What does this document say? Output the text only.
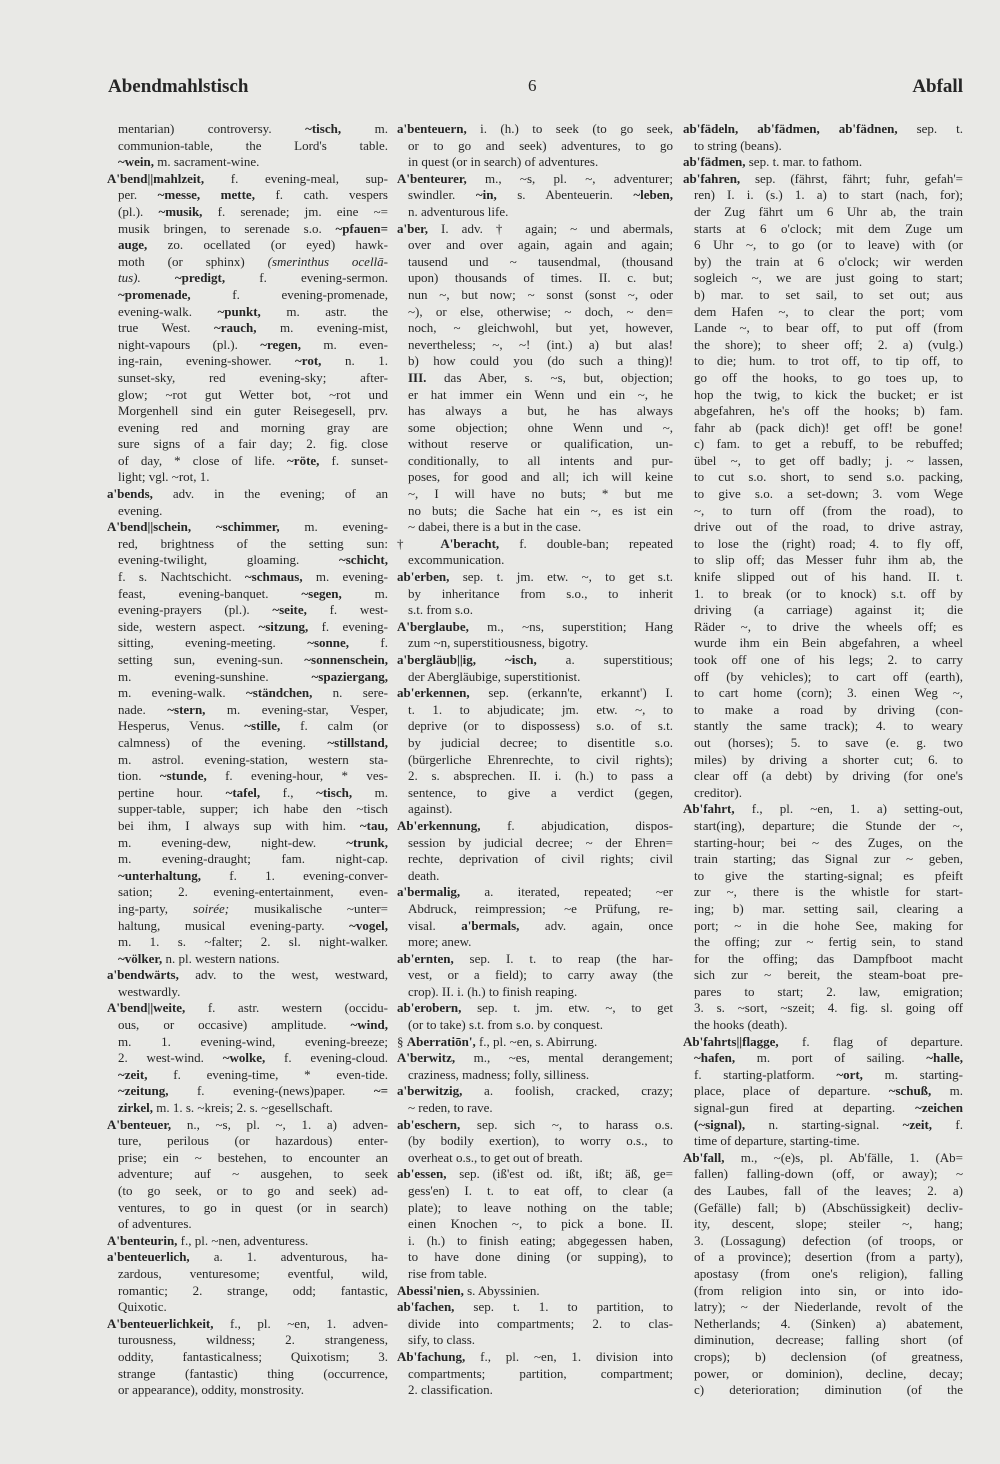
Abendmahlstisch	6	Abfall
mentarian) controversy. ~tisch, m.
communion-table, the Lord's table.
~wein, m. sacrament-wine.
A'bend||mahlzeit, f. evening-meal, sup-
per. ~messe, mette, f. cath. vespers
(pl.). ~musik, f. serenade; jm. eine ~=
musik bringen, to serenade s.o. ~pfauen=
auge, zo. ocellated (or eyed) hawk-
moth (or sphinx) (smerinthus ocellā-
tus).	~predigt, f. evening-sermon.
~promenade, f. evening-promenade,
evening-walk. ~punkt, m. astr. the
true West. ~rauch, m. evening-mist,
night-vapours (pl.). ~regen, m. even-
ing-rain, evening-shower. ~rot, n. 1.
sunset-sky, red evening-sky; after-
glow; ~rot gut Wetter bot, ~rot und
Morgenhell sind ein guter Reisegesell, prv.
evening red and morning gray are
sure signs of a fair day; 2. fig. close
of day, * close of life. ~röte, f. sunset-
light; vgl. ~rot, 1.
a'bends, adv. in the evening; of an
evening.
A'bend||schein, ~schimmer, m. evening-
red, brightness of the setting sun:
evening-twilight, gloaming. ~schicht,
f. s. Nachtschicht. ~schmaus, m. evening-
feast, evening-banquet. ~segen, m.
evening-prayers (pl.). ~seite, f. west-
side, western aspect. ~sitzung, f. evening-
sitting, evening-meeting. ~sonne, f.
setting sun, evening-sun. ~sonnenschein,
m. evening-sunshine. ~spaziergang,
m. evening-walk. ~ständchen, n. sere-
nade. ~stern, m. evening-star, Vesper,
Hesperus, Venus. ~stille, f. calm (or
calmness) of the evening. ~stillstand,
m. astrol. evening-station, western sta-
tion. ~stunde, f. evening-hour, * ves-
pertine hour. ~tafel, f., ~tisch, m.
supper-table, supper; ich habe den ~tisch
bei ihm, I always sup with him. ~tau,
m. evening-dew, night-dew. ~trunk,
m. evening-draught; fam. night-cap.
~unterhaltung, f. 1. evening-conver-
sation; 2. evening-entertainment, even-
ing-party, soirée; musikalische ~unter=
haltung, musical evening-party. ~vogel,
m. 1. s. ~falter; 2. sl. night-walker.
~völker, n. pl. western nations.
a'bendwärts, adv. to the west, westward,
westwardly.
A'bend||weite, f. astr. western (occidu-
ous, or occasive) amplitude. ~wind,
m. 1. evening-wind, evening-breeze;
2. west-wind. ~wolke, f. evening-cloud.
~zeit, f. evening-time, * even-tide.
~zeitung, f. evening-(news)paper. ~=
zirkel, m. 1. s. ~kreis; 2. s. ~gesellschaft.
A'benteuer, n., ~s, pl. ~, 1. a) adven-
ture, perilous (or hazardous) enter-
prise; ein ~ bestehen, to encounter an
adventure; auf ~ ausgehen, to seek
(to go seek, or to go and seek) ad-
ventures, to go in quest (or in search)
of adventures.
A'benteurin, f., pl. ~nen, adventuress.
a'benteuerlich, a. 1. adventurous, ha-
zardous, venturesome; eventful, wild,
romantic; 2. strange, odd; fantastic,
Quixotic.
A'benteuerlichkeit, f., pl. ~en, 1. adven-
turousness, wildness; 2. strangeness,
oddity, fantasticalness; Quixotism; 3.
strange (fantastic) thing (occurrence,
or appearance), oddity, monstrosity.
a'benteuern, i. (h.) to seek (to go seek,
or to go and seek) adventures, to go
in quest (or in search) of adventures.
A'benteurer, m., ~s, pl. ~, adventurer;
swindler. ~in, s. Abenteuerin. ~leben,
n. adventurous life.
a'ber, I. adv. † again; ~ und abermals,
over and over again, again and again;
tausend und ~ tausendmal, (thousand
upon) thousands of times. II. c. but;
nun ~, but now; ~ sonst (sonst ~, oder
~), or else, otherwise; ~ doch, ~ den=
noch, ~ gleichwohl, but yet, however,
nevertheless; ~, ~! (int.) a) but alas!
b) how could you (do such a thing)!
III. das Aber, s. ~s, but, objection;
er hat immer ein Wenn und ein ~, he
has always a but, he has always
some objection; ohne Wenn und ~,
without reserve or qualification, un-
conditionally, to all intents and pur-
poses, for good and all; ich will keine
~, I will have no buts; * but me
no buts; die Sache hat ein ~, es ist ein
~ dabei, there is a but in the case.
† A'beracht, f. double-ban; repeated
excommunication.
ab'erben, sep. t. jm. etw. ~, to get s.t.
by inheritance from s.o., to inherit
s.t. from s.o.
A'berglaube, m., ~ns, superstition; Hang
zum ~n, superstitiousness, bigotry.
a'bergläub||ig, ~isch, a. superstitious;
der Abergläubige, superstitionist.
ab'erkennen, sep. (erkann'te, erkannt') I.
t. 1. to abjudicate; jm. etw. ~, to
deprive (or to dispossess) s.o. of s.t.
by judicial decree; to disentitle s.o.
(bürgerliche Ehrenrechte, to civil rights);
2. s. absprechen. II. i. (h.) to pass a
sentence, to give a verdict (gegen,
against).
Ab'erkennung, f. abjudication, dispos-
session by judicial decree; ~ der Ehren=
rechte, deprivation of civil rights; civil
death.
a'bermalig, a. iterated, repeated; ~er
Abdruck, reimpression; ~e Prüfung, re-
visal. a'bermals, adv. again, once
more; anew.
ab'ernten, sep. I. t. to reap (the har-
vest, or a field); to carry away (the
crop). II. i. (h.) to finish reaping.
ab'erobern, sep. t. jm. etw. ~, to get
(or to take) s.t. from s.o. by conquest.
§ Aberratiōn', f., pl. ~en, s. Abirrung.
A'berwitz, m., ~es, mental derangement;
craziness, madness; folly, silliness.
a'berwitzig, a. foolish, cracked, crazy;
~ reden, to rave.
ab'eschern, sep. sich ~, to harass o.s.
(by bodily exertion), to worry o.s., to
overheat o.s., to get out of breath.
ab'essen, sep. (iß'est od. ißt, ißt; äß, ge=
gess'en) I. t. to eat off, to clear (a
plate); to leave nothing on the table;
einen Knochen ~, to pick a bone. II.
i. (h.) to finish eating; abgegessen haben,
to have done dining (or supping), to
rise from table.
Abessi'nien, s. Abyssinien.
ab'fachen, sep. t. 1. to partition, to
divide into compartments; 2. to clas-
sify, to class.
Ab'fachung, f., pl. ~en, 1. division into
compartments; partition, compartment;
2. classification.
ab'fädeln, ab'fädmen, ab'fädnen, sep. t.
to string (beans).
ab'fädmen, sep. t. mar. to fathom.
ab'fahren, sep. (fährst, fährt; fuhr, gefah'=
ren) I. i. (s.) 1. a) to start (nach, for);
der Zug fährt um 6 Uhr ab, the train
starts at 6 o'clock; mit dem Zuge um
6 Uhr ~, to go (or to leave) with (or
by) the train at 6 o'clock; wir werden
sogleich ~, we are just going to start;
b) mar. to set sail, to set out; aus
dem Hafen ~, to clear the port; vom
Lande ~, to bear off, to put off (from
the shore); to sheer off; 2. a) (vulg.)
to die; hum. to trot off, to tip off, to
go off the hooks, to go toes up, to
hop the twig, to kick the bucket; er ist
abgefahren, he's off the hooks; b) fam.
fahr ab (pack dich)! get off! be gone!
c) fam. to get a rebuff, to be rebuffed;
übel ~, to get off badly; j. ~ lassen,
to cut s.o. short, to send s.o. packing,
to give s.o. a set-down; 3. vom Wege
~, to turn off (from the road), to
drive out of the road, to drive astray,
to lose the (right) road; 4. to fly off,
to slip off; das Messer fuhr ihm ab, the
knife slipped out of his hand. II. t.
1. to break (or to knock) s.t. off by
driving (a carriage) against it; die
Räder ~, to drive the wheels off; es
wurde ihm ein Bein abgefahren, a wheel
took off one of his legs; 2. to carry
off (by vehicles); to cart off (earth),
to cart home (corn); 3. einen Weg ~,
to make a road by driving (con-
stantly the same track); 4. to weary
out (horses); 5. to save (e. g. two
miles) by driving a shorter cut; 6. to
clear off (a debt) by driving (for one's
creditor).
Ab'fahrt, f., pl. ~en, 1. a) setting-out,
start(ing), departure; die Stunde der ~,
starting-hour; bei ~ des Zuges, on the
train starting; das Signal zur ~ geben,
to give the starting-signal; es pfeift
zur ~, there is the whistle for start-
ing; b) mar. setting sail, clearing a
port; ~ in die hohe See, making for
the offing; zur ~ fertig sein, to stand
for the offing; das Dampfboot macht
sich zur ~ bereit, the steam-boat pre-
pares to start; 2. law, emigration;
3. s. ~sort, ~szeit; 4. fig. sl. going off
the hooks (death).
Ab'fahrts||flagge, f. flag of departure.
~hafen, m. port of sailing. ~halle,
f. starting-platform. ~ort, m. starting-
place, place of departure. ~schuß, m.
signal-gun fired at departing. ~zeichen
(~signal), n. starting-signal. ~zeit, f.
time of departure, starting-time.
Ab'fall, m., ~(e)s, pl. Ab'fälle, 1. (Ab=
fallen) falling-down (off, or away); ~
des Laubes, fall of the leaves; 2. a)
(Gefälle) fall; b) (Abschüssigkeit) decliv-
ity, descent, slope; steiler ~, hang;
3. (Lossagung) defection (of troops, or
of a province); desertion (from a party),
apostasy (from one's religion), falling
(from religion into sin, or into ido-
latry); ~ der Niederlande, revolt of the
Netherlands; 4. (Sinken) a) abatement,
diminution, decrease; falling short (of
crops); b) declension (of greatness,
power, or dominion), decline, decay;
c) deterioration; diminution (of the
